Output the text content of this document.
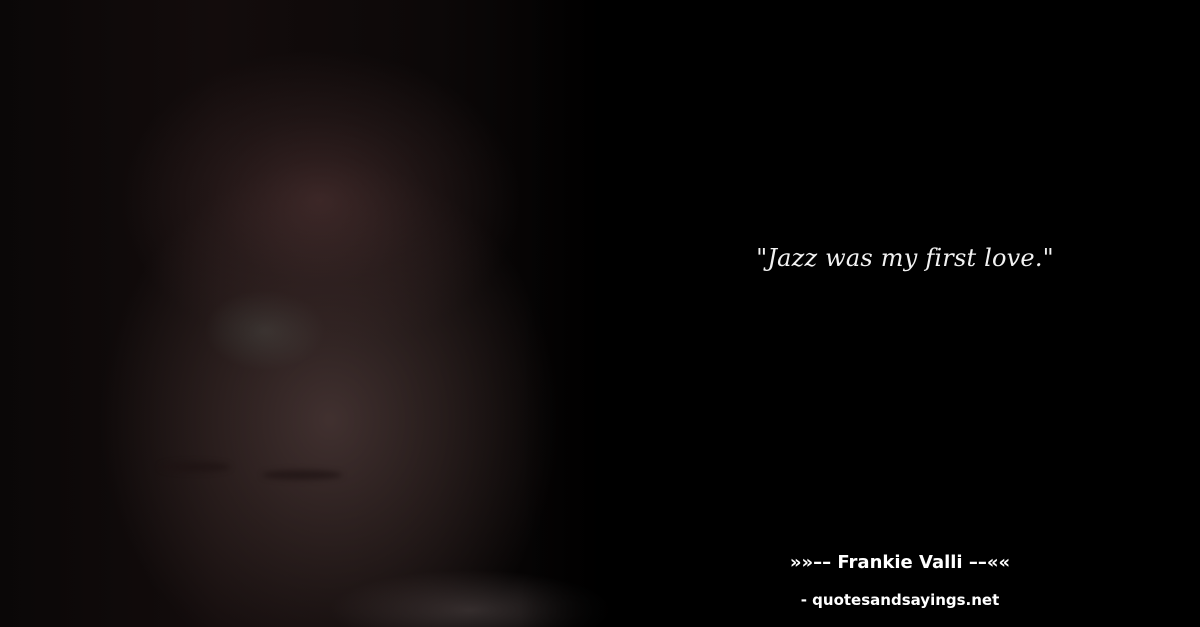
"Jazz was my first love."
»»–– Frankie Valli ––««
- quotesandsayings.net
